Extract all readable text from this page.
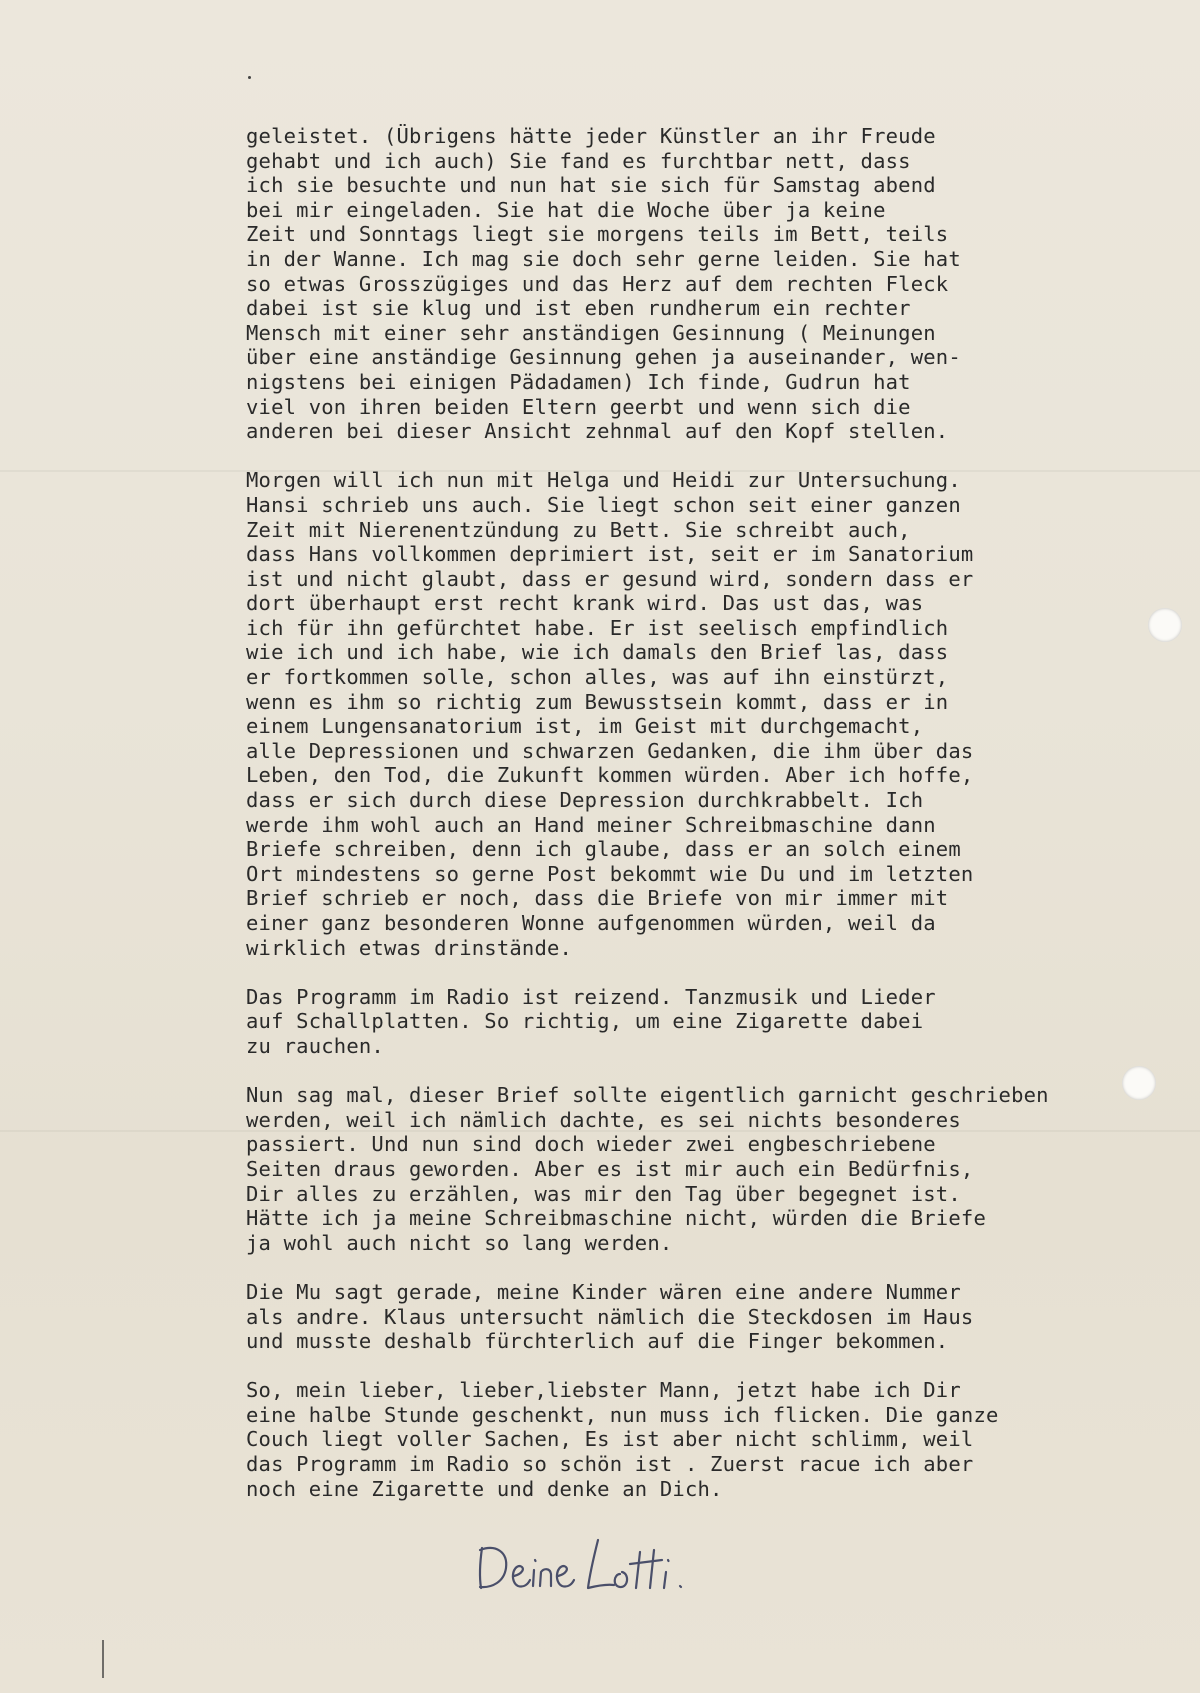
geleistet. (Übrigens hätte jeder Künstler an ihr Freude
gehabt und ich auch) Sie fand es furchtbar nett, dass
ich sie besuchte und nun hat sie sich für Samstag abend
bei mir eingeladen. Sie hat die Woche über ja keine
Zeit und Sonntags liegt sie morgens teils im Bett, teils
in der Wanne. Ich mag sie doch sehr gerne leiden. Sie hat
so etwas Grosszügiges und das Herz auf dem rechten Fleck
dabei ist sie klug und ist eben rundherum ein rechter
Mensch mit einer sehr anständigen Gesinnung ( Meinungen
über eine anständige Gesinnung gehen ja auseinander, wen-
nigstens bei einigen Pädadamen) Ich finde, Gudrun hat
viel von ihren beiden Eltern geerbt und wenn sich die
anderen bei dieser Ansicht zehnmal auf den Kopf stellen.
Morgen will ich nun mit Helga und Heidi zur Untersuchung.
Hansi schrieb uns auch. Sie liegt schon seit einer ganzen
Zeit mit Nierenentzündung zu Bett. Sie schreibt auch,
dass Hans vollkommen deprimiert ist, seit er im Sanatorium
ist und nicht glaubt, dass er gesund wird, sondern dass er
dort überhaupt erst recht krank wird. Das ust das, was
ich für ihn gefürchtet habe. Er ist seelisch empfindlich
wie ich und ich habe, wie ich damals den Brief las, dass
er fortkommen solle, schon alles, was auf ihn einstürzt,
wenn es ihm so richtig zum Bewusstsein kommt, dass er in
einem Lungensanatorium ist, im Geist mit durchgemacht,
alle Depressionen und schwarzen Gedanken, die ihm über das
Leben, den Tod, die Zukunft kommen würden. Aber ich hoffe,
dass er sich durch diese Depression durchkrabbelt. Ich
werde ihm wohl auch an Hand meiner Schreibmaschine dann
Briefe schreiben, denn ich glaube, dass er an solch einem
Ort mindestens so gerne Post bekommt wie Du und im letzten
Brief schrieb er noch, dass die Briefe von mir immer mit
einer ganz besonderen Wonne aufgenommen würden, weil da
wirklich etwas drinstände.
Das Programm im Radio ist reizend. Tanzmusik und Lieder
auf Schallplatten. So richtig, um eine Zigarette dabei
zu rauchen.
Nun sag mal, dieser Brief sollte eigentlich garnicht geschrieben
werden, weil ich nämlich dachte, es sei nichts besonderes
passiert. Und nun sind doch wieder zwei engbeschriebene
Seiten draus geworden. Aber es ist mir auch ein Bedürfnis,
Dir alles zu erzählen, was mir den Tag über begegnet ist.
Hätte ich ja meine Schreibmaschine nicht, würden die Briefe
ja wohl auch nicht so lang werden.
Die Mu sagt gerade, meine Kinder wären eine andere Nummer
als andre. Klaus untersucht nämlich die Steckdosen im Haus
und musste deshalb fürchterlich auf die Finger bekommen.
So, mein lieber, lieber,liebster Mann, jetzt habe ich Dir
eine halbe Stunde geschenkt, nun muss ich flicken. Die ganze
Couch liegt voller Sachen, Es ist aber nicht schlimm, weil
das Programm im Radio so schön ist . Zuerst racue ich aber
noch eine Zigarette und denke an Dich.
